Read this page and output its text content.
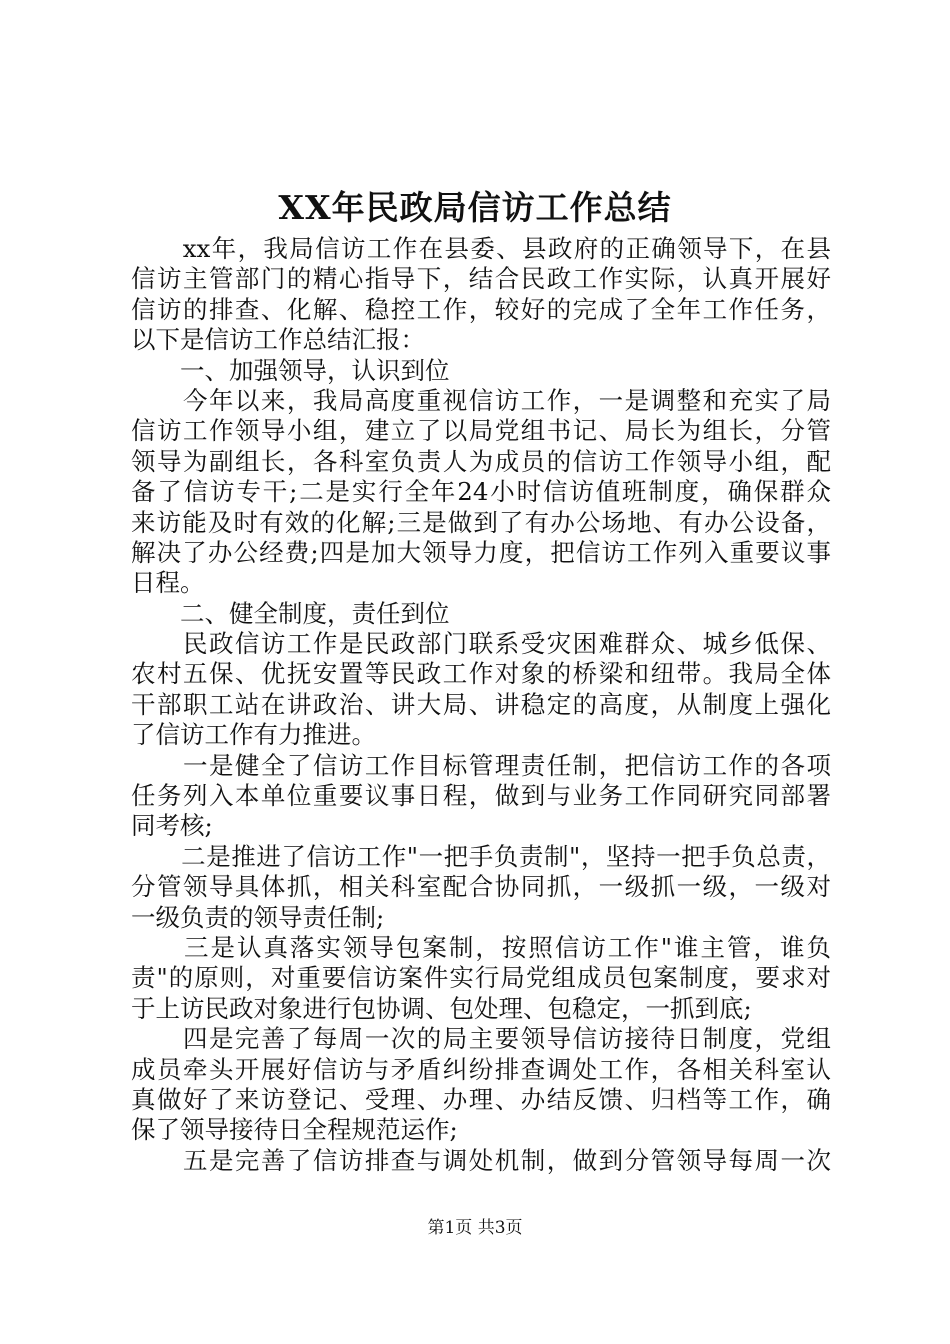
XX年民政局信访工作总结
　　xx年，我局信访工作在县委、县政府的正确领导下，在县
信访主管部门的精心指导下，结合民政工作实际，认真开展好
信访的排查、化解、稳控工作，较好的完成了全年工作任务，
以下是信访工作总结汇报：
　　一、加强领导，认识到位
　　今年以来，我局高度重视信访工作，一是调整和充实了局
信访工作领导小组，建立了以局党组书记、局长为组长，分管
领导为副组长，各科室负责人为成员的信访工作领导小组，配
备了信访专干;二是实行全年24小时信访值班制度，确保群众
来访能及时有效的化解;三是做到了有办公场地、有办公设备，
解决了办公经费;四是加大领导力度，把信访工作列入重要议事
日程。
　　二、健全制度，责任到位
　　民政信访工作是民政部门联系受灾困难群众、城乡低保、
农村五保、优抚安置等民政工作对象的桥梁和纽带。我局全体
干部职工站在讲政治、讲大局、讲稳定的高度，从制度上强化
了信访工作有力推进。
　　一是健全了信访工作目标管理责任制，把信访工作的各项
任务列入本单位重要议事日程，做到与业务工作同研究同部署
同考核;
　　二是推进了信访工作"一把手负责制"，坚持一把手负总责，
分管领导具体抓，相关科室配合协同抓，一级抓一级，一级对
一级负责的领导责任制;
　　三是认真落实领导包案制，按照信访工作"谁主管，谁负
责"的原则，对重要信访案件实行局党组成员包案制度，要求对
于上访民政对象进行包协调、包处理、包稳定，一抓到底;
　　四是完善了每周一次的局主要领导信访接待日制度，党组
成员牵头开展好信访与矛盾纠纷排查调处工作，各相关科室认
真做好了来访登记、受理、办理、办结反馈、归档等工作，确
保了领导接待日全程规范运作;
　　五是完善了信访排查与调处机制，做到分管领导每周一次
第1页 共3页
